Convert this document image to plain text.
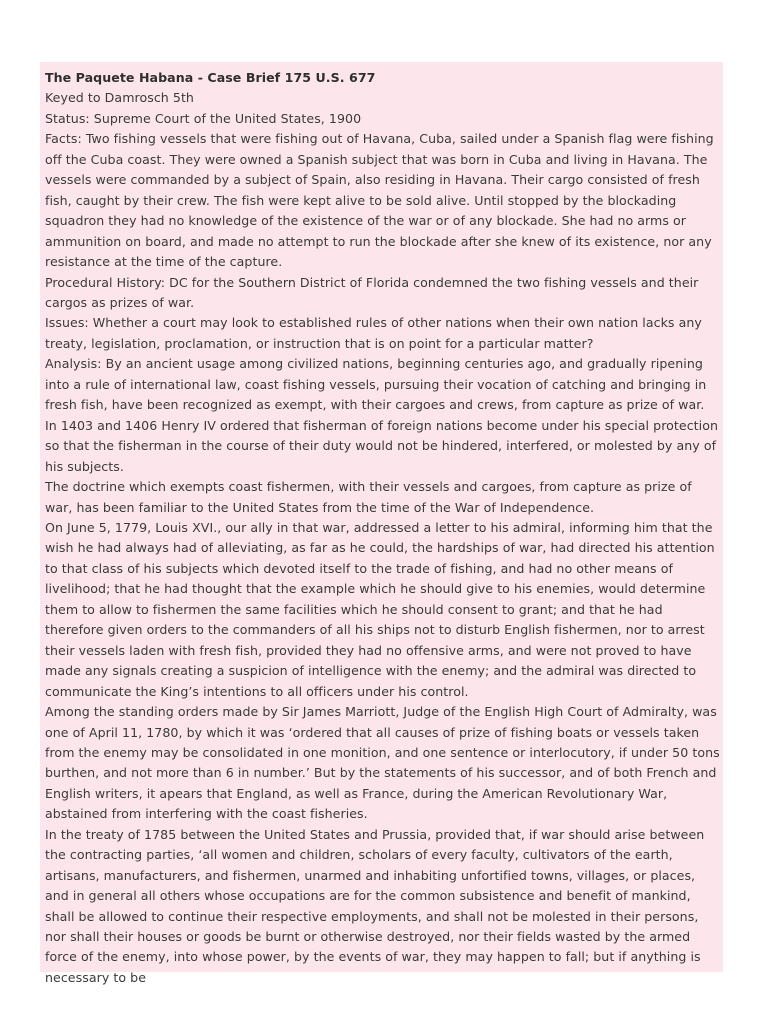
The Paquete Habana - Case Brief 175 U.S. 677

Keyed to Damrosch 5th

Status: Supreme Court of the United States, 1900

Facts: Two fishing vessels that were fishing out of Havana, Cuba, sailed under a Spanish flag were fishing off the Cuba coast. They were owned a Spanish subject that was born in Cuba and living in Havana. The vessels were commanded by a subject of Spain, also residing in Havana. Their cargo consisted of fresh fish, caught by their crew. The fish were kept alive to be sold alive. Until stopped by the blockading squadron they had no knowledge of the existence of the war or of any blockade. She had no arms or ammunition on board, and made no attempt to run the blockade after she knew of its existence, nor any resistance at the time of the capture.

Procedural History: DC for the Southern District of Florida condemned the two fishing vessels and their cargos as prizes of war.

Issues: Whether a court may look to established rules of other nations when their own nation lacks any treaty, legislation, proclamation, or instruction that is on point for a particular matter?

Analysis: By an ancient usage among civilized nations, beginning centuries ago, and gradually ripening into a rule of international law, coast fishing vessels, pursuing their vocation of catching and bringing in fresh fish, have been recognized as exempt, with their cargoes and crews, from capture as prize of war.

In 1403 and 1406 Henry IV ordered that fisherman of foreign nations become under his special protection so that the fisherman in the course of their duty would not be hindered, interfered, or molested by any of his subjects.

The doctrine which exempts coast fishermen, with their vessels and cargoes, from capture as prize of war, has been familiar to the United States from the time of the War of Independence.

On June 5, 1779, Louis XVI., our ally in that war, addressed a letter to his admiral, informing him that the wish he had always had of alleviating, as far as he could, the hardships of war, had directed his attention to that class of his subjects which devoted itself to the trade of fishing, and had no other means of livelihood; that he had thought that the example which he should give to his enemies, would determine them to allow to fishermen the same facilities which he should consent to grant; and that he had therefore given orders to the commanders of all his ships not to disturb English fishermen, nor to arrest their vessels laden with fresh fish, provided they had no offensive arms, and were not proved to have made any signals creating a suspicion of intelligence with the enemy; and the admiral was directed to communicate the King’s intentions to all officers under his control.

Among the standing orders made by Sir James Marriott, Judge of the English High Court of Admiralty, was one of April 11, 1780, by which it was ‘ordered that all causes of prize of fishing boats or vessels taken from the enemy may be consolidated in one monition, and one sentence or interlocutory, if under 50 tons burthen, and not more than 6 in number.’ But by the statements of his successor, and of both French and English writers, it apears that England, as well as France, during the American Revolutionary War, abstained from interfering with the coast fisheries.

In the treaty of 1785 between the United States and Prussia, provided that, if war should arise between the contracting parties, ‘all women and children, scholars of every faculty, cultivators of the earth, artisans, manufacturers, and fishermen, unarmed and inhabiting unfortified towns, villages, or places, and in general all others whose occupations are for the common subsistence and benefit of mankind, shall be allowed to continue their respective employments, and shall not be molested in their persons, nor shall their houses or goods be burnt or otherwise destroyed, nor their fields wasted by the armed force of the enemy, into whose power, by the events of war, they may happen to fall; but if anything is necessary to be
